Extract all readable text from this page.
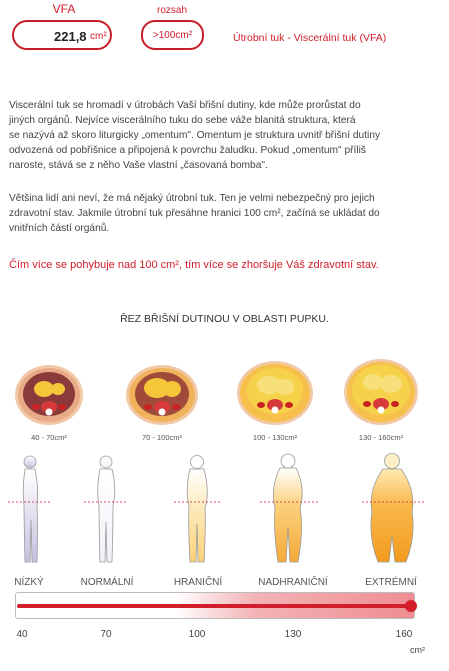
VFA
221,8 cm²
rozsah
>100cm²	Útrobní tuk - Viscerální tuk (VFA)
Viscerální tuk se hromadí v útrobách Vaší břišní dutiny, kde může prorůstat do
jiných orgánů. Nejvíce viscerálního tuku do sebe váže blanitá struktura, která
se nazývá až skoro liturgicky „omentum". Omentum je struktura uvnitř břišní dutiny
odvozená od pobřišnice a připojená k povrchu žaludku. Pokud „omentum" příliš
naroste, stává se z něho Vaše vlastní „časovaná bomba".
Většina lidí ani neví, že má nějaký útrobní tuk. Ten je velmi nebezpečný pro jejich
zdravotní stav. Jakmile útrobní tuk přesáhne hranici 100 cm², začíná se ukládat do
vnitřních částí orgánů.
Čím více se pohybuje nad 100 cm², tím více se zhoršuje Váš zdravotní stav.
ŘEZ BŘIŠNÍ DUTINOU V OBLASTI PUPKU.
40 - 70cm²	70 - 100cm²	100 - 130cm²	130 - 160cm²
NÍZKÝ	NORMÁLNÍ	HRANIČNÍ	NADHRANIČNÍ	EXTRÉMNÍ
40	70	100	130	160
cm²
